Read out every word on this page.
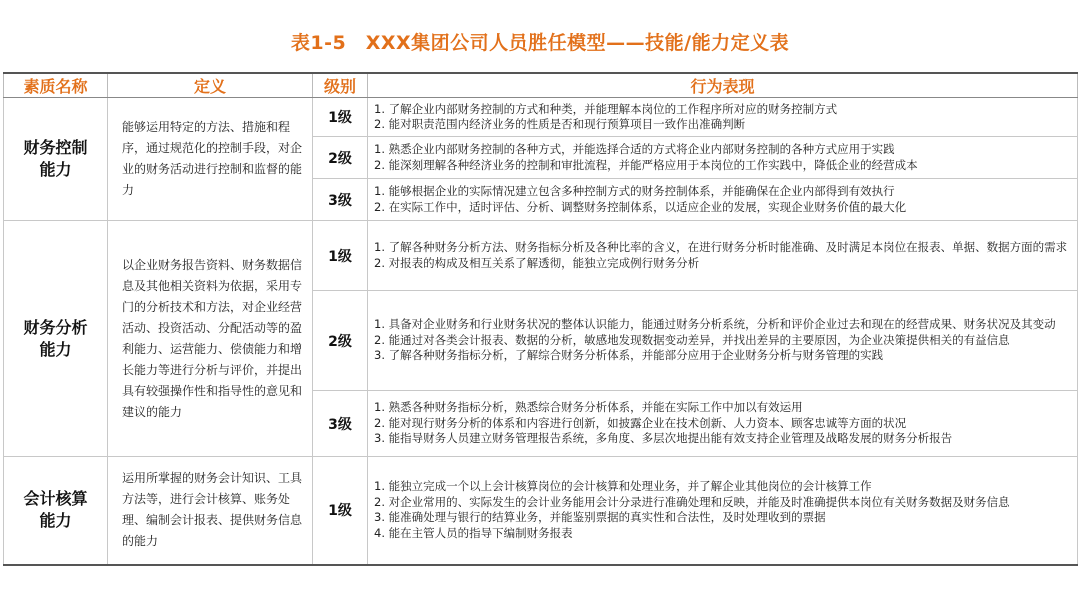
表1-5　XXX集团公司人员胜任模型——技能/能力定义表
素质名称	定义	级别	行为表现

财务控制
能力	能够运用特定的方法、措施和程序，通过规范化的控制手段，对企业的财务活动进行控制和监督的能力	1级	1. 了解企业内部财务控制的方式和种类，并能理解本岗位的工作程序所对应的财务控制方式
2. 能对职责范围内经济业务的性质是否和现行预算项目一致作出准确判断

		2级	1. 熟悉企业内部财务控制的各种方式，并能选择合适的方式将企业内部财务控制的各种方式应用于实践
2. 能深刻理解各种经济业务的控制和审批流程，并能严格应用于本岗位的工作实践中，降低企业的经营成本

		3级	1. 能够根据企业的实际情况建立包含多种控制方式的财务控制体系，并能确保在企业内部得到有效执行
2. 在实际工作中，适时评估、分析、调整财务控制体系，以适应企业的发展，实现企业财务价值的最大化

财务分析
能力	以企业财务报告资料、财务数据信息及其他相关资料为依据，采用专门的分析技术和方法，对企业经营活动、投资活动、分配活动等的盈利能力、运营能力、偿债能力和增长能力等进行分析与评价，并提出具有较强操作性和指导性的意见和建议的能力	1级	1. 了解各种财务分析方法、财务指标分析及各种比率的含义，在进行财务分析时能准确、及时满足本岗位在报表、单据、数据方面的需求
2. 对报表的构成及相互关系了解透彻，能独立完成例行财务分析

		2级	1. 具备对企业财务和行业财务状况的整体认识能力，能通过财务分析系统，分析和评价企业过去和现在的经营成果、财务状况及其变动
2. 能通过对各类会计报表、数据的分析，敏感地发现数据变动差异，并找出差异的主要原因，为企业决策提供相关的有益信息
3. 了解各种财务指标分析，了解综合财务分析体系，并能部分应用于企业财务分析与财务管理的实践

		3级	1. 熟悉各种财务指标分析，熟悉综合财务分析体系，并能在实际工作中加以有效运用
2. 能对现行财务分析的体系和内容进行创新，如披露企业在技术创新、人力资本、顾客忠诚等方面的状况
3. 能指导财务人员建立财务管理报告系统，多角度、多层次地提出能有效支持企业管理及战略发展的财务分析报告

会计核算
能力	运用所掌握的财务会计知识、工具方法等，进行会计核算、账务处理、编制会计报表、提供财务信息的能力	1级	1. 能独立完成一个以上会计核算岗位的会计核算和处理业务，并了解企业其他岗位的会计核算工作
2. 对企业常用的、实际发生的会计业务能用会计分录进行准确处理和反映，并能及时准确提供本岗位有关财务数据及财务信息
3. 能准确处理与银行的结算业务，并能鉴别票据的真实性和合法性，及时处理收到的票据
4. 能在主管人员的指导下编制财务报表
